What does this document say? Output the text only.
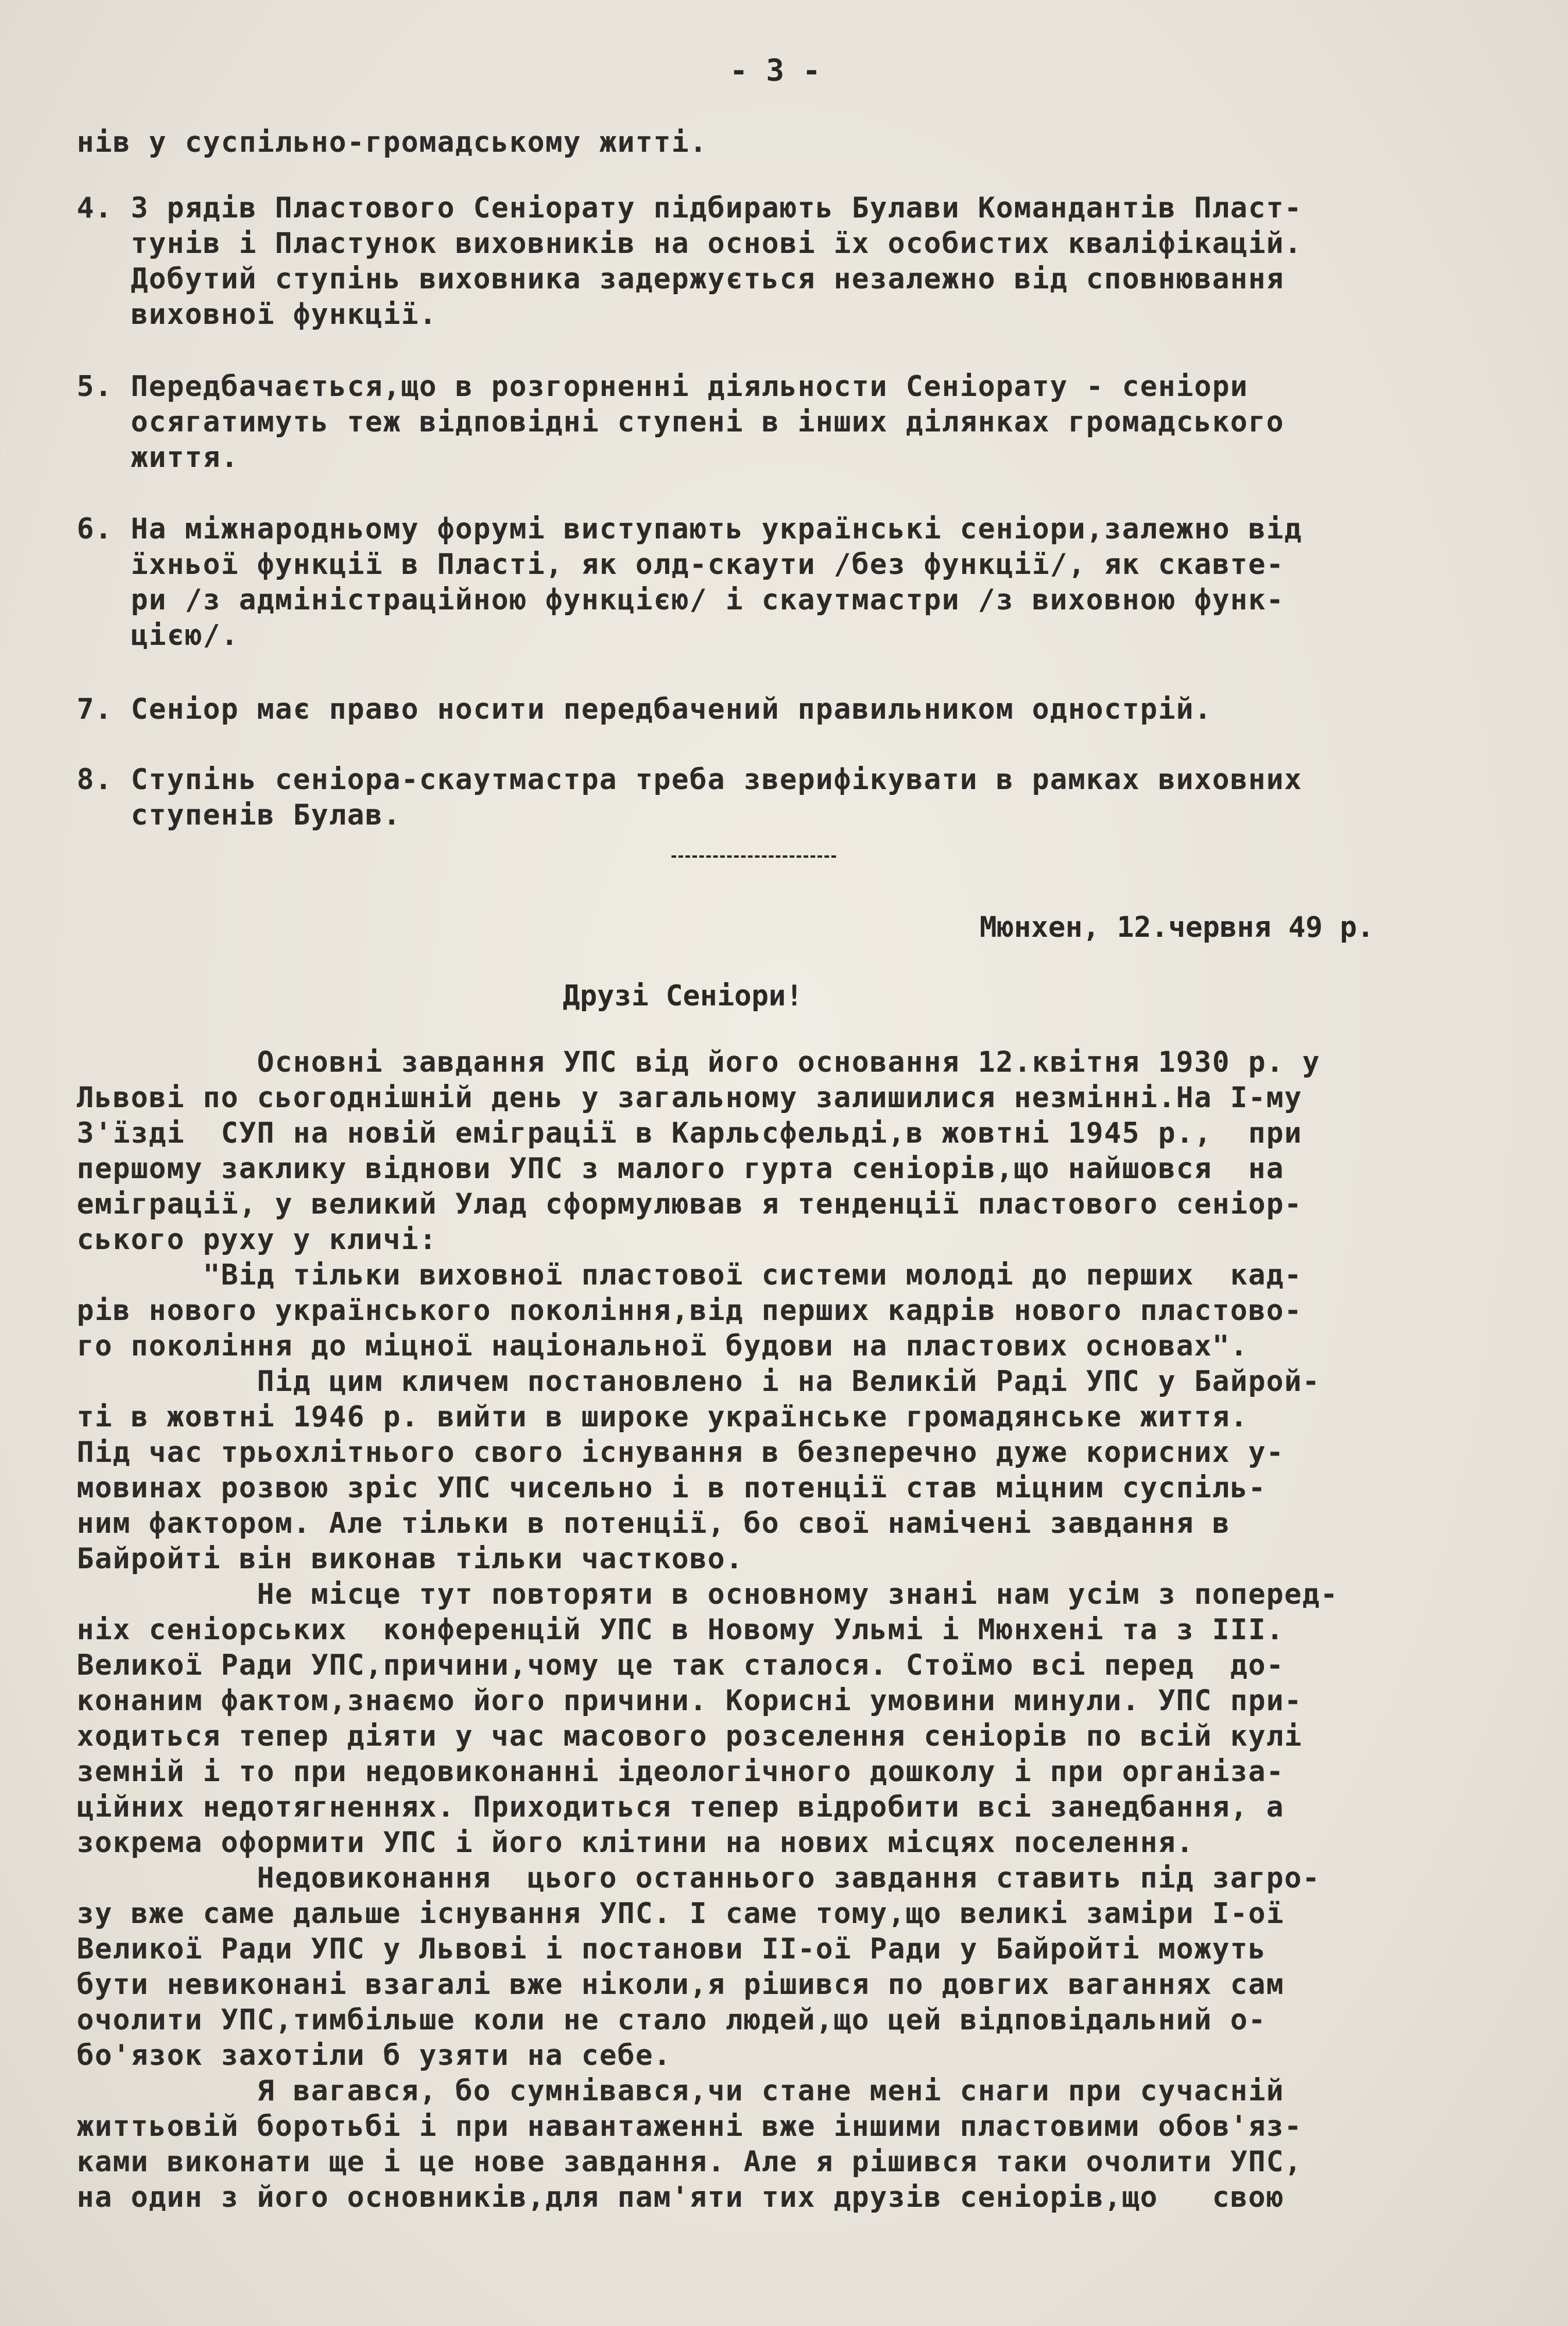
- 3 -
нів у суспільно-громадському житті.
4. З рядів Пластового Сеніорату підбирають Булави Командантів Пласт-
тунів і Пластунок виховників на основі їх особистих кваліфікацій.
Добутий ступінь виховника задержується незалежно від сповнювання
виховної функції.
5. Передбачається,що в розгорненні діяльности Сеніорату - сеніори
осягатимуть теж відповідні ступені в інших ділянках громадського
життя.
6. На міжнародньому форумі виступають українські сеніори,залежно від
їхньої функції в Пласті, як олд-скаути /без функції/, як скавте-
ри /з адміністраційною функцією/ і скаутмастри /з виховною функ-
цією/.
7. Сеніор має право носити передбачений правильником однострій.
8. Ступінь сеніора-скаутмастра треба зверифікувати в рамках виховних
ступенів Булав.
Мюнхен, 12.червня 49 р.
Друзі Сеніори!
Основні завдання УПС від його основання 12.квітня 1930 р. у
Львові по сьогоднішній день у загальному залишилися незмінні.На І-му
З'їзді  СУП на новій еміграції в Карльсфельді,в жовтні 1945 р.,  при
першому заклику віднови УПС з малого гурта сеніорів,що найшовся  на
еміграції, у великий Улад сформулював я тенденції пластового сеніор-
ського руху у кличі:
"Від тільки виховної пластової системи молоді до перших  кад-
рів нового українського покоління,від перших кадрів нового пластово-
го покоління до міцної національної будови на пластових основах".
Під цим кличем постановлено і на Великій Раді УПС у Байрой-
ті в жовтні 1946 р. вийти в широке українське громадянське життя.
Під час трьохлітнього свого існування в безперечно дуже корисних у-
мовинах розвою зріс УПС чисельно і в потенції став міцним суспіль-
ним фактором. Але тільки в потенції, бо свої намічені завдання в
Байройті він виконав тільки частково.
Не місце тут повторяти в основному знані нам усім з поперед-
ніх сеніорських  конференцій УПС в Новому Ульмі і Мюнхені та з ІІІ.
Великої Ради УПС,причини,чому це так сталося. Стоїмо всі перед  до-
конаним фактом,знаємо його причини. Корисні умовини минули. УПС при-
ходиться тепер діяти у час масового розселення сеніорів по всій кулі
земній і то при недовиконанні ідеологічного дошколу і при організа-
ційних недотягненнях. Приходиться тепер відробити всі занедбання, а
зокрема оформити УПС і його клітини на нових місцях поселення.
Недовиконання  цього останнього завдання ставить під загро-
зу вже саме дальше існування УПС. І саме тому,що великі заміри І-ої
Великої Ради УПС у Львові і постанови ІІ-ої Ради у Байройті можуть
бути невиконані взагалі вже ніколи,я рішився по довгих ваганнях сам
очолити УПС,тимбільше коли не стало людей,що цей відповідальний о-
бо'язок захотіли б узяти на себе.
Я вагався, бо сумнівався,чи стане мені снаги при сучасній
життьовій боротьбі і при навантаженні вже іншими пластовими обов'яз-
ками виконати ще і це нове завдання. Але я рішився таки очолити УПС,
на один з його основників,для пам'яти тих друзів сеніорів,що   свою
